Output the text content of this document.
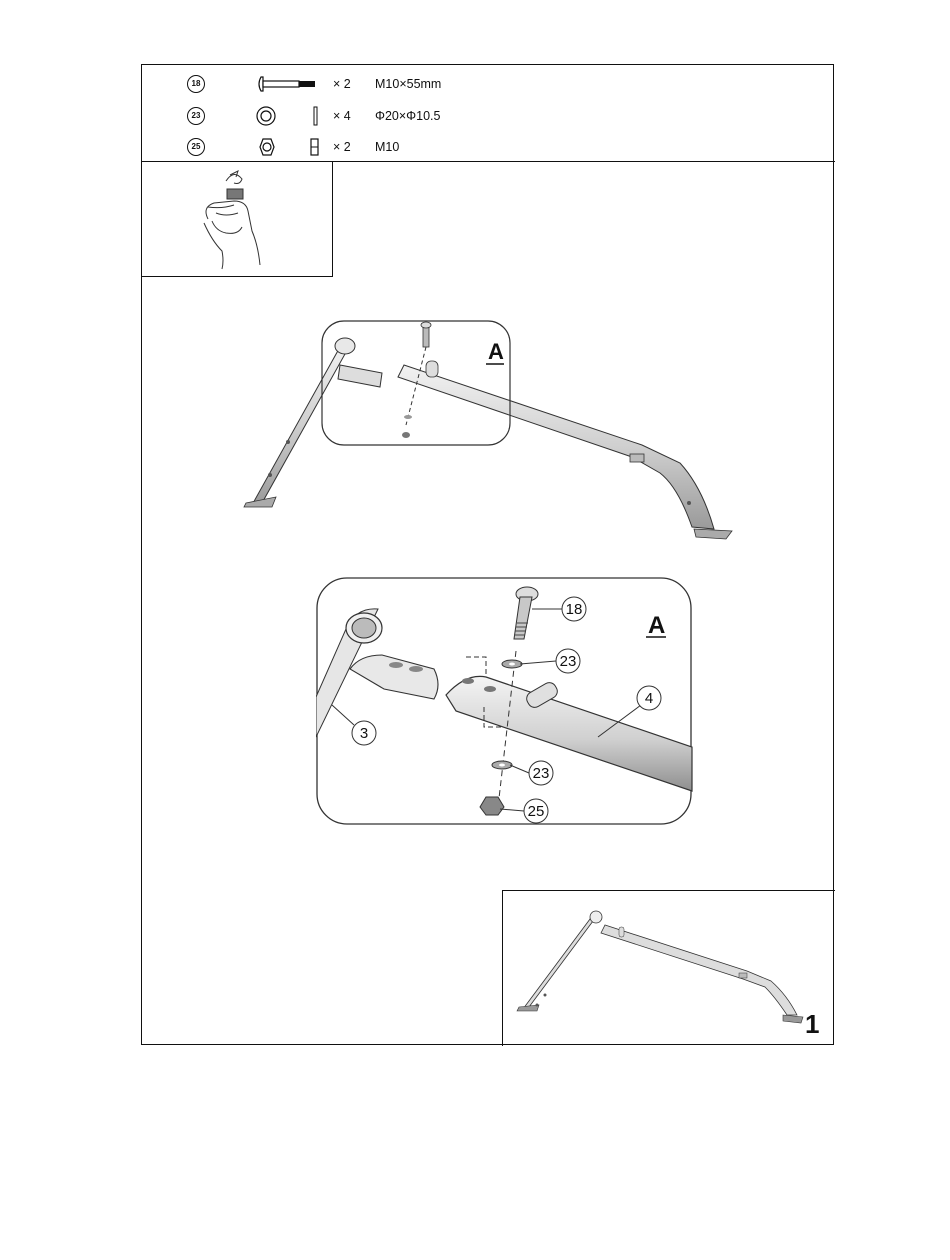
18	× 2 M10×55mm
23	× 4 Φ20×Φ10.5
25	× 2 M10
A
18
23
23
25
3
4
A
1
